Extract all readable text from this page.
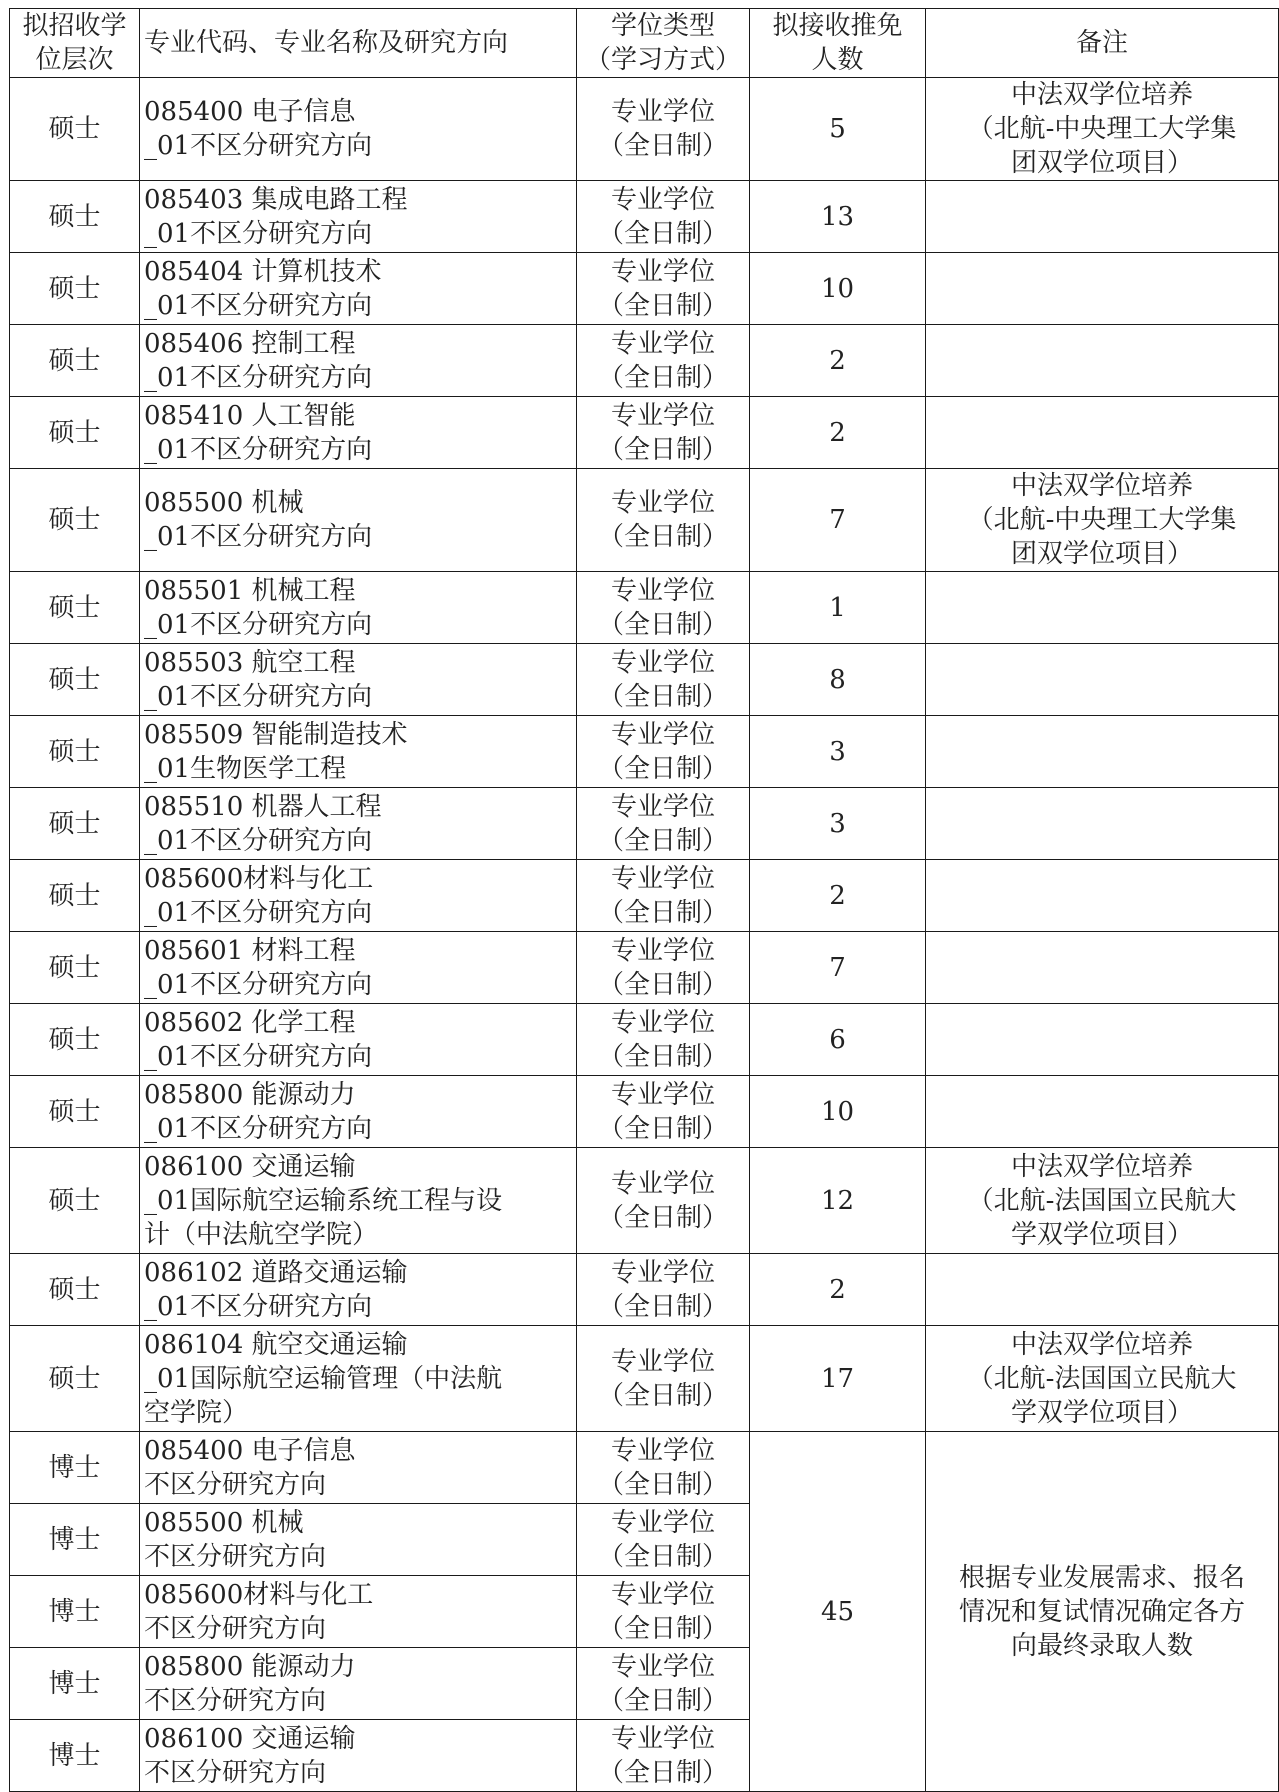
拟招收学
位层次	专业代码、专业名称及研究方向	学位类型
（学习方式）	拟接收推免
人数	备注

硕士	085400 电子信息
_01不区分研究方向	专业学位
（全日制）	5	中法双学位培养
（北航-中央理工大学集
团双学位项目）

硕士	085403 集成电路工程
_01不区分研究方向	专业学位
（全日制）	13	

硕士	085404 计算机技术
_01不区分研究方向	专业学位
（全日制）	10	

硕士	085406 控制工程
_01不区分研究方向	专业学位
（全日制）	2	

硕士	085410 人工智能
_01不区分研究方向	专业学位
（全日制）	2	

硕士	085500 机械
_01不区分研究方向	专业学位
（全日制）	7	中法双学位培养
（北航-中央理工大学集
团双学位项目）

硕士	085501 机械工程
_01不区分研究方向	专业学位
（全日制）	1	

硕士	085503 航空工程
_01不区分研究方向	专业学位
（全日制）	8	

硕士	085509 智能制造技术
_01生物医学工程	专业学位
（全日制）	3	

硕士	085510 机器人工程
_01不区分研究方向	专业学位
（全日制）	3	

硕士	085600材料与化工
_01不区分研究方向	专业学位
（全日制）	2	

硕士	085601 材料工程
_01不区分研究方向	专业学位
（全日制）	7	

硕士	085602 化学工程
_01不区分研究方向	专业学位
（全日制）	6	

硕士	085800 能源动力
_01不区分研究方向	专业学位
（全日制）	10	

硕士	086100 交通运输
_01国际航空运输系统工程与设
计（中法航空学院）	专业学位
（全日制）	12	中法双学位培养
（北航-法国国立民航大
学双学位项目）

硕士	086102 道路交通运输
_01不区分研究方向	专业学位
（全日制）	2	

硕士	086104 航空交通运输
_01国际航空运输管理（中法航
空学院）	专业学位
（全日制）	17	中法双学位培养
（北航-法国国立民航大
学双学位项目）

博士	085400 电子信息
不区分研究方向	专业学位
（全日制）	45	根据专业发展需求、报名
情况和复试情况确定各方
向最终录取人数

博士	085500 机械
不区分研究方向	专业学位
（全日制）		

博士	085600材料与化工
不区分研究方向	专业学位
（全日制）		

博士	085800 能源动力
不区分研究方向	专业学位
（全日制）		

博士	086100 交通运输
不区分研究方向	专业学位
（全日制）		
